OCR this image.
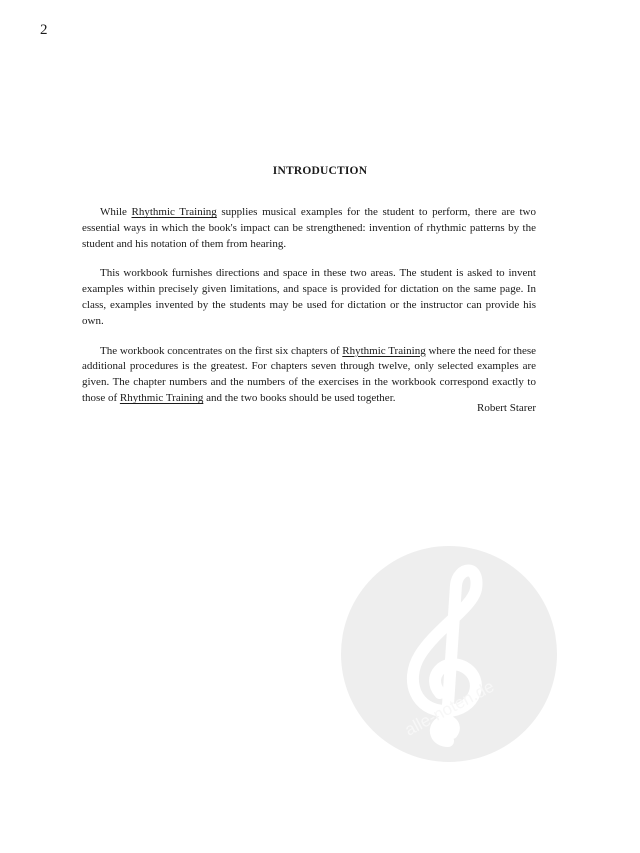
2
INTRODUCTION

While Rhythmic Training supplies musical examples for the student to perform, there are two essential ways in which the book's impact can be strengthened: invention of rhythmic patterns by the student and his notation of them from hearing.

This workbook furnishes directions and space in these two areas. The student is asked to invent examples within precisely given limitations, and space is provided for dictation on the same page. In class, examples invented by the students may be used for dictation or the instructor can provide his own.

The workbook concentrates on the first six chapters of Rhythmic Training where the need for these additional procedures is the greatest. For chapters seven through twelve, only selected examples are given. The chapter numbers and the numbers of the exercises in the workbook correspond exactly to those of Rhythmic Training and the two books should be used together.

Robert Starer
alle-noten.de
